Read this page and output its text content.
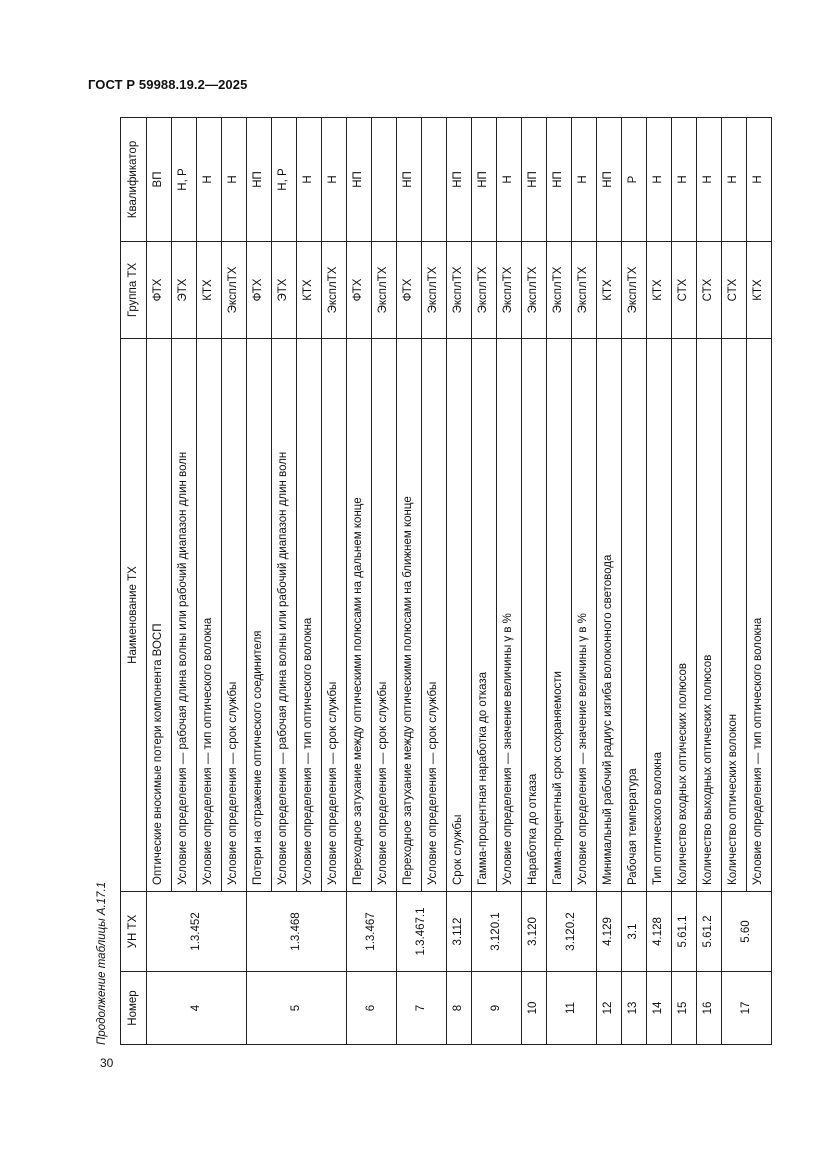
ГОСТ Р 59988.19.2—2025
30
Продолжение таблицы А.17.1 Номер	УН ТХ	Наименование ТХ	Группа ТХ	Квалификатор
4	1.3.452	Оптические вносимые потери компонента ВОСП	ФТХ	ВП
		Условие определения — рабочая длина волны или рабочий диапазон длин волн	ЭТХ	Н, Р
		Условие определения — тип оптического волокна	КТХ	Н
		Условие определения — срок службы	ЭксплТХ	Н
5	1.3.468	Потери на отражение оптического соединителя	ФТХ	НП
		Условие определения — рабочая длина волны или рабочий диапазон длин волн	ЭТХ	Н, Р
		Условие определения — тип оптического волокна	КТХ	Н
		Условие определения — срок службы	ЭксплТХ	Н
6	1.3.467	Переходное затухание между оптическими полюсами на дальнем конце	ФТХ	НП
		Условие определения — срок службы	ЭксплТХ	
7	1.3.467.1	Переходное затухание между оптическими полюсами на ближнем конце	ФТХ	НП
		Условие определения — срок службы	ЭксплТХ	
8	3.112	Срок службы	ЭксплТХ	НП
9	3.120.1	Гамма-процентная наработка до отказа	ЭксплТХ	НП
		Условие определения — значение величины γ в %	ЭксплТХ	Н
10	3.120	Наработка до отказа	ЭксплТХ	НП
11	3.120.2	Гамма-процентный срок сохраняемости	ЭксплТХ	НП
		Условие определения — значение величины γ в %	ЭксплТХ	Н
12	4.129	Минимальный рабочий радиус изгиба волоконного световода	КТХ	НП
13	3.1	Рабочая температура	ЭксплТХ	Р
14	4.128	Тип оптического волокна	КТХ	Н
15	5.61.1	Количество входных оптических полюсов	СТХ	Н
16	5.61.2	Количество выходных оптических полюсов	СТХ	Н
17	5.60	Количество оптических волокон	СТХ	Н
		Условие определения — тип оптического волокна	КТХ	Н
